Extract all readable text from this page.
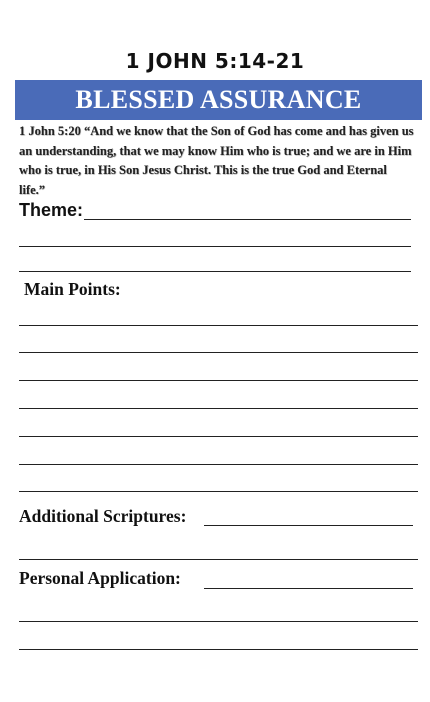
1 JOHN 5:14-21
BLESSED ASSURANCE
1 John 5:20 “And we know that the Son of God has come and has given us an understanding, that we may know Him who is true; and we are in Him who is true, in His Son Jesus Christ. This is the true God and Eternal life.”
Theme:
Main Points:
Additional Scriptures:
Personal Application:
